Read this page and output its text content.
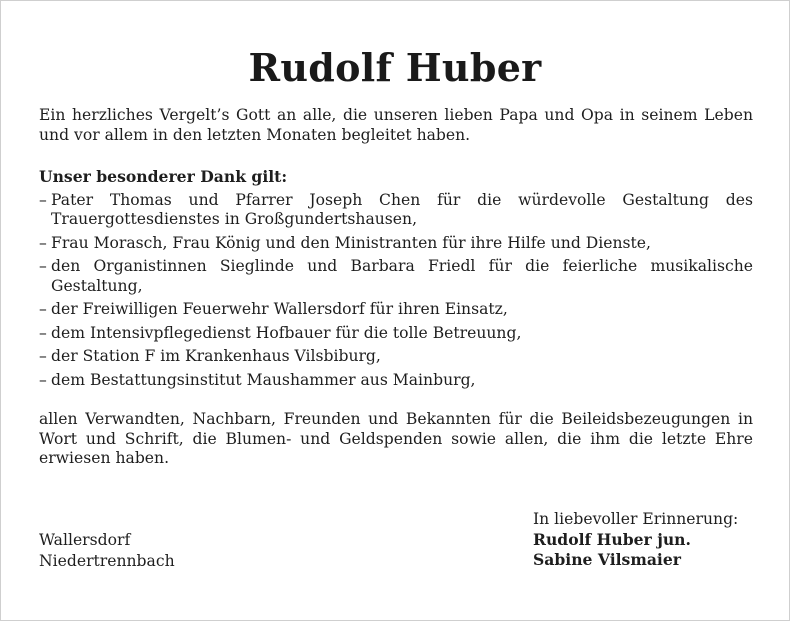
Rudolf Huber

Ein herzliches Vergelt’s Gott an alle, die unseren lieben Papa und Opa in seinem Leben und vor allem in den letzten Monaten begleitet haben.

Unser besonderer Dank gilt:

– Pater Thomas und Pfarrer Joseph Chen für die würdevolle Gestaltung des Trauergottesdienstes in Großgundertshausen,
– Frau Morasch, Frau König und den Ministranten für ihre Hilfe und Dienste,
– den Organistinnen Sieglinde und Barbara Friedl für die feierliche musikalische Gestaltung,
– der Freiwilligen Feuerwehr Wallersdorf für ihren Einsatz,
– dem Intensivpflegedienst Hofbauer für die tolle Betreuung,
– der Station F im Krankenhaus Vilsbiburg,
– dem Bestattungsinstitut Maushammer aus Mainburg,

allen Verwandten, Nachbarn, Freunden und Bekannten für die Beileidsbezeugungen in Wort und Schrift, die Blumen- und Geldspenden sowie allen, die ihm die letzte Ehre erwiesen haben.

Wallersdorf
Niedertrennbach
In liebevoller Erinnerung:
Rudolf Huber jun.
Sabine Vilsmaier
